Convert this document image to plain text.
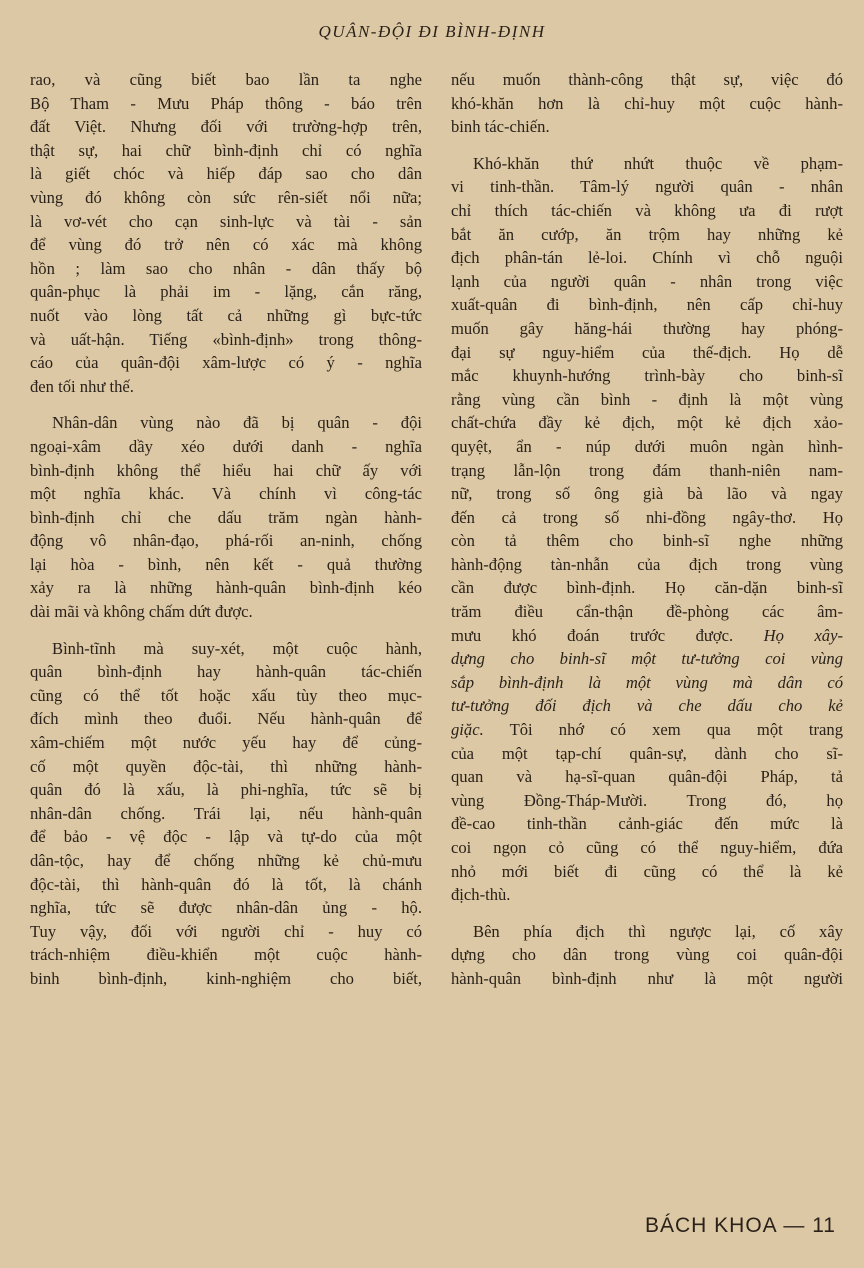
QUÂN-ĐỘI ĐI BÌNH-ĐỊNH
rao, và cũng biết bao lần ta nghe
Bộ Tham - Mưu Pháp thông - báo trên
đất Việt. Nhưng đối với trường-hợp trên,
thật sự, hai chữ bình-định chỉ có nghĩa
là giết chóc và hiếp đáp sao cho dân
vùng đó không còn sức rên-siết nổi nữa;
là vơ-vét cho cạn sinh-lực và tài - sản
để vùng đó trở nên có xác mà không
hồn ; làm sao cho nhân - dân thấy bộ
quân-phục là phải im - lặng, cắn răng,
nuốt vào lòng tất cả những gì bực-tức
và uất-hận. Tiếng «bình-định» trong thông-
cáo của quân-đội xâm-lược có ý - nghĩa
đen tối như thế.
Nhân-dân vùng nào đã bị quân - đội
ngoại-xâm dầy xéo dưới danh - nghĩa
bình-định không thể hiểu hai chữ ấy với
một nghĩa khác. Và chính vì công-tác
bình-định chỉ che dấu trăm ngàn hành-
động vô nhân-đạo, phá-rối an-ninh, chống
lại hòa - bình, nên kết - quả thường
xảy ra là những hành-quân bình-định kéo
dài mãi và không chấm dứt được.
Bình-tĩnh mà suy-xét, một cuộc hành,
quân bình-định hay hành-quân tác-chiến
cũng có thể tốt hoặc xấu tùy theo mục-
đích mình theo đuổi. Nếu hành-quân để
xâm-chiếm một nước yếu hay để củng-
cố một quyền độc-tài, thì những hành-
quân đó là xấu, là phi-nghĩa, tức sẽ bị
nhân-dân chống. Trái lại, nếu hành-quân
để bảo - vệ độc - lập và tự-do của một
dân-tộc, hay để chống những kẻ chủ-mưu
độc-tài, thì hành-quân đó là tốt, là chánh
nghĩa, tức sẽ được nhân-dân ủng - hộ.
Tuy vậy, đối với người chỉ - huy có
trách-nhiệm điều-khiển một cuộc hành-
binh bình-định, kinh-nghiệm cho biết,
nếu muốn thành-công thật sự, việc đó
khó-khăn hơn là chỉ-huy một cuộc hành-
binh tác-chiến.
Khó-khăn thứ nhứt thuộc về phạm-
vi tinh-thần. Tâm-lý người quân - nhân
chỉ thích tác-chiến và không ưa đi rượt
bắt ăn cướp, ăn trộm hay những kẻ
địch phân-tán lẻ-loi. Chính vì chỗ nguội
lạnh của người quân - nhân trong việc
xuất-quân đi bình-định, nên cấp chỉ-huy
muốn gây hăng-hái thường hay phóng-
đại sự nguy-hiểm của thế-địch. Họ dễ
mắc khuynh-hướng trình-bày cho binh-sĩ
rằng vùng cần bình - định là một vùng
chất-chứa đầy kẻ địch, một kẻ địch xảo-
quyệt, ẩn - núp dưới muôn ngàn hình-
trạng lẫn-lộn trong đám thanh-niên nam-
nữ, trong số ông già bà lão và ngay
đến cả trong số nhi-đồng ngây-thơ. Họ
còn tả thêm cho binh-sĩ nghe những
hành-động tàn-nhẫn của địch trong vùng
cần được bình-định. Họ căn-dặn binh-sĩ
trăm điều cẩn-thận đề-phòng các âm-
mưu khó đoán trước được. Họ xây-
dựng cho binh-sĩ một tư-tưởng coi vùng
sắp bình-định là một vùng mà dân có
tư-tưởng đối địch và che dấu cho kẻ
giặc. Tôi nhớ có xem qua một trang
của một tạp-chí quân-sự, dành cho sĩ-
quan và hạ-sĩ-quan quân-đội Pháp, tả
vùng Đồng-Tháp-Mười. Trong đó, họ
đề-cao tinh-thần cảnh-giác đến mức là
coi ngọn cỏ cũng có thể nguy-hiểm, đứa
nhỏ mới biết đi cũng có thể là kẻ
địch-thù.
Bên phía địch thì ngược lại, cố xây
dựng cho dân trong vùng coi quân-đội
hành-quân bình-định như là một người
BÁCH KHOA — 11
